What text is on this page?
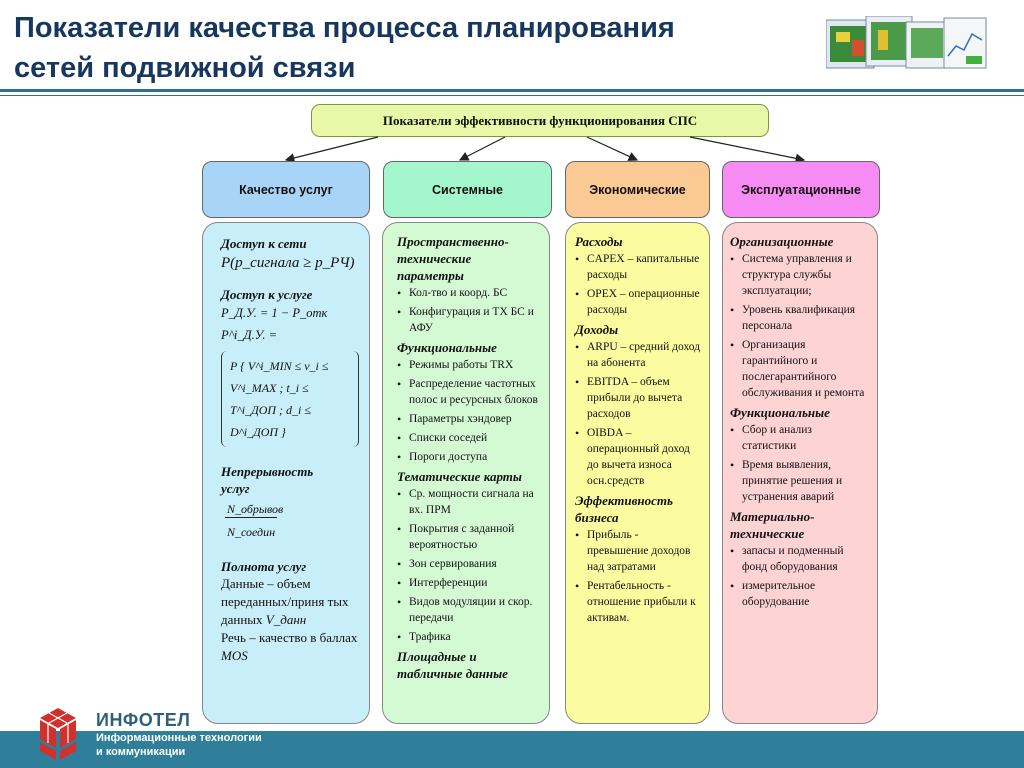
Показатели качества процесса планирования
сетей подвижной связи
Показатели эффективности функционирования СПС
Качество услуг	Системные	Экономические	Эксплуатационные
Доступ к сети
P(p_сигнала ≥ p_РЧ)
Доступ к услуге
P_Д.У. = 1 − P_отк
P^i_Д.У. =
P { V^i_MIN ≤ v_i ≤ V^i_MAX ; t_i ≤ T^i_ДОП ; d_i ≤ D^i_ДОП }
Непрерывность услуг
N_обрывов
N_соедин
Полнота услуг
Данные – объем переданных/приня тых данных V_данн
Речь – качество в баллах MOS
Пространственно-технические параметры
• Кол-тво и коорд. БС
• Конфигурация и ТХ БС и АФУ
Функциональные
• Режимы работы TRX
• Распределение частотных полос и ресурсных блоков
• Параметры хэндовер
• Списки соседей
• Пороги доступа
Тематические карты
• Ср. мощности сигнала на вх. ПРМ
• Покрытия с заданной вероятностью
• Зон сервирования
• Интерференции
• Видов модуляции и скор. передачи
• Трафика
Площадные и табличные данные
Расходы
• CAPEX – капитальные расходы
• OPEX – операционные расходы
Доходы
• ARPU – средний доход на абонента
• EBITDA – объем прибыли до вычета расходов
• OIBDA – операционный доход до вычета износа осн.средств
Эффективность бизнеса
• Прибыль - превышение доходов над затратами
• Рентабельность - отношение прибыли к активам.
Организационные
• Система управления и структура службы эксплуатации;
• Уровень квалификация персонала
• Организация гарантийного и послегарантийного обслуживания и ремонта
Функциональные
• Сбор и анализ статистики
• Время выявления, принятие решения и устранения аварий
Материально-технические
• запасы и подменный фонд оборудования
• измерительное оборудование
ИНФОТЕЛ
Информационные технологии
и коммуникации
